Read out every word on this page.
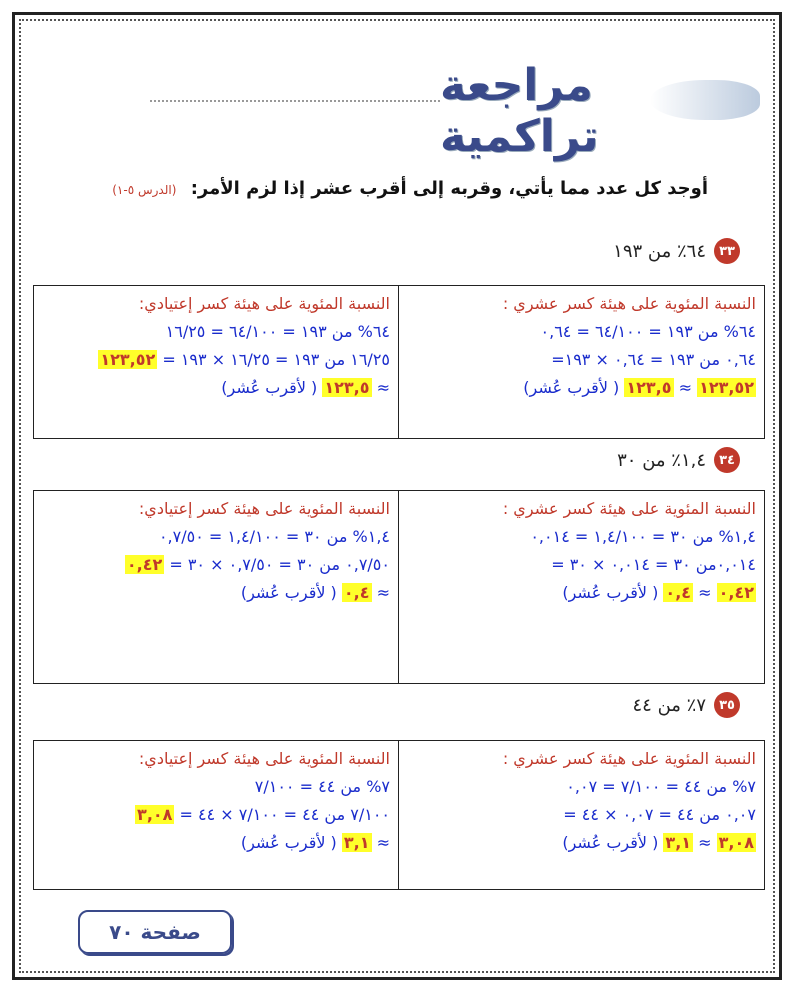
مراجعة تراكمية
أوجد كل عدد مما يأتي، وقربه إلى أقرب عشر إذا لزم الأمر: (الدرس ٥-١)
٣٣
٦٤٪ من ١٩٣
النسبة المئوية على هيئة كسر إعتيادي:
٦٤% من ١٩٣ = ٦٤/١٠٠ = ١٦/٢٥
١٦/٢٥ من ١٩٣ = ١٦/٢٥ × ١٩٣ = ١٢٣,٥٢
≈ ١٢٣,٥ ( لأقرب عُشر)
النسبة المئوية على هيئة كسر عشري :
٦٤% من ١٩٣ = ٦٤/١٠٠ = ٠,٦٤
٠,٦٤ من ١٩٣ = ٠,٦٤ × ١٩٣=
١٢٣,٥٢ ≈ ١٢٣,٥ ( لأقرب عُشر)
٣٤
١,٤٪ من ٣٠
النسبة المئوية على هيئة كسر إعتيادي:
١,٤% من ٣٠ = ١,٤/١٠٠ = ٠,٧/٥٠
٠,٧/٥٠ من ٣٠ = ٠,٧/٥٠ × ٣٠ = ٠,٤٢
≈ ٠,٤ ( لأقرب عُشر)
النسبة المئوية على هيئة كسر عشري :
١,٤% من ٣٠ = ١,٤/١٠٠ = ٠,٠١٤
٠,٠١٤من ٣٠ = ٠,٠١٤ × ٣٠ =
٠,٤٢ ≈ ٠,٤ ( لأقرب عُشر)
٣٥
٧٪ من ٤٤
النسبة المئوية على هيئة كسر إعتيادي:
٧% من ٤٤ = ٧/١٠٠
٧/١٠٠ من ٤٤ = ٧/١٠٠ × ٤٤ = ٣,٠٨
≈ ٣,١ ( لأقرب عُشر)
النسبة المئوية على هيئة كسر عشري :
٧% من ٤٤ = ٧/١٠٠ = ٠,٠٧
٠,٠٧ من ٤٤ = ٠,٠٧ × ٤٤ =
٣,٠٨ ≈ ٣,١ ( لأقرب عُشر)
صفحة ٧٠
